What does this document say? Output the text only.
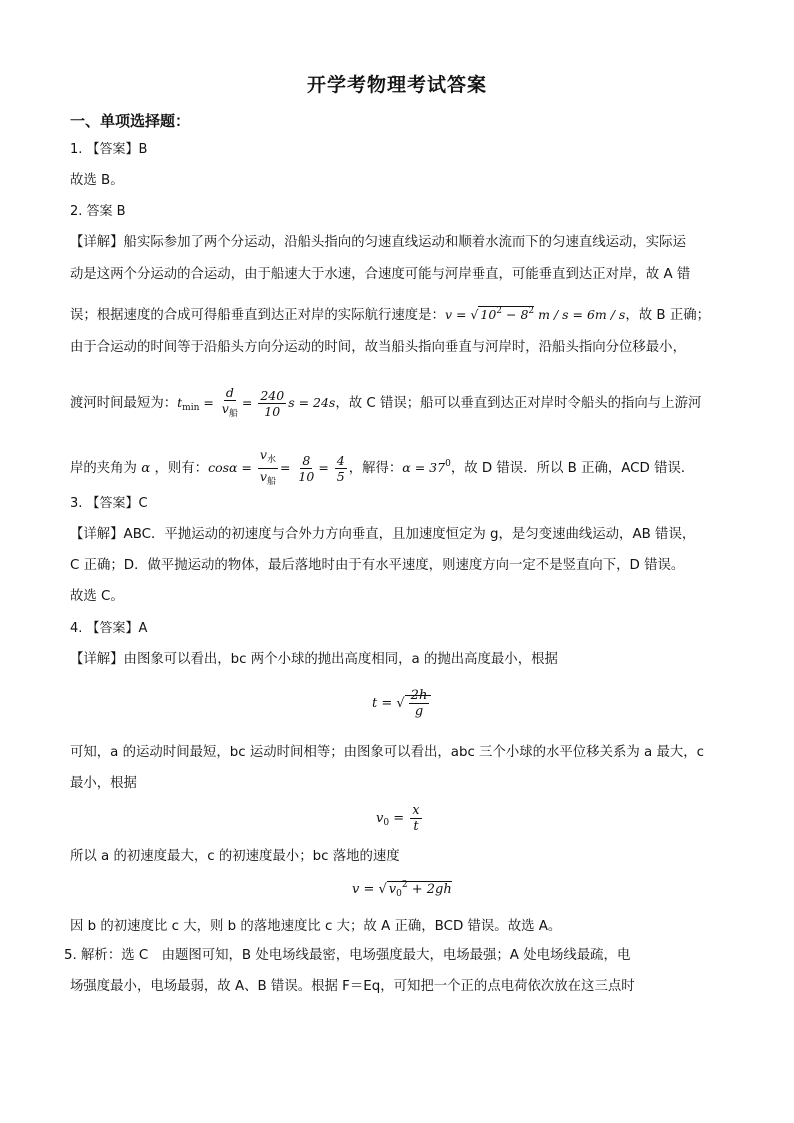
开学考物理考试答案
一、单项选择题：
1. 【答案】B
故选 B。
2. 答案 B
【详解】船实际参加了两个分运动，沿船头指向的匀速直线运动和顺着水流而下的匀速直线运动，实际运
动是这两个分运动的合运动，由于船速大于水速，合速度可能与河岸垂直，可能垂直到达正对岸，故 A 错
误；根据速度的合成可得船垂直到达正对岸的实际航行速度是：v = √ $10^2 - 8^2$ m / s = 6m / s，故 B 正确；
由于合运动的时间等于沿船头方向分运动的时间，故当船头指向垂直与河岸时，沿船头指向分位移最小，
渡河时间最短为：$t_{min} = \frac{d}{v_船} = \frac{240}{10}$ s = 24s，故 C 错误；船可以垂直到达正对岸时令船头的指向与上游河
岸的夹角为 α ，则有：$\cos\alpha = \frac{v_水}{v_船} = \frac{8}{10} = \frac{4}{5}$ ，解得：$\alpha = 37^0$，故 D 错误．所以 B 正确，ACD 错误．
3. 【答案】C
【详解】ABC．平抛运动的初速度与合外力方向垂直，且加速度恒定为 g，是匀变速曲线运动，AB 错误，
C 正确；D．做平抛运动的物体，最后落地时由于有水平速度，则速度方向一定不是竖直向下，D 错误。
故选 C。
4. 【答案】A
【详解】由图象可以看出，bc 两个小球的抛出高度相同，a 的抛出高度最小，根据
t = √ $\frac{2h}{g}$
可知，a 的运动时间最短，bc 运动时间相等；由图象可以看出，abc 三个小球的水平位移关系为 a 最大，c
最小，根据
$v_0 = \frac{x}{t}$
所以 a 的初速度最大，c 的初速度最小；bc 落地的速度
v = √ $v_0^2 + 2gh$
因 b 的初速度比 c 大，则 b 的落地速度比 c 大；故 A 正确，BCD 错误。故选 A。
5. 解析：选 C　由题图可知，B 处电场线最密，电场强度最大，电场最强；A 处电场线最疏，电
场强度最小，电场最弱，故 A、B 错误。根据 F＝Eq，可知把一个正的点电荷依次放在这三点时
